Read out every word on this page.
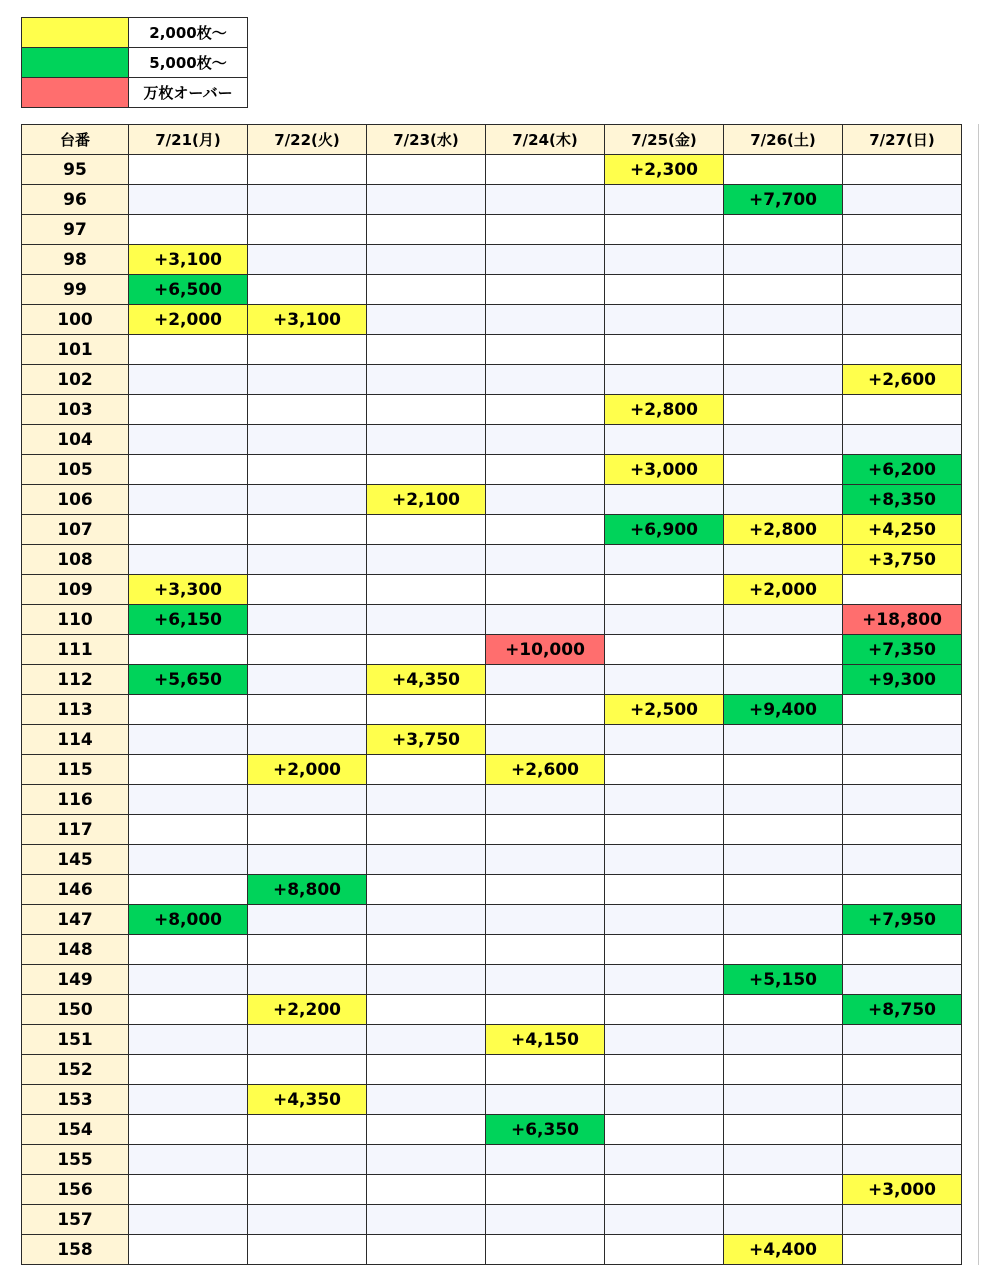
	2,000枚〜
	5,000枚〜
	万枚オーバー
台番	7/21(月)	7/22(火)	7/23(水)	7/24(木)	7/25(金)	7/26(土)	7/27(日)
95					+2,300		
96						+7,700	
97							
98	+3,100						
99	+6,500						
100	+2,000	+3,100					
101							
102							+2,600
103					+2,800		
104							
105					+3,000		+6,200
106			+2,100				+8,350
107					+6,900	+2,800	+4,250
108							+3,750
109	+3,300					+2,000	
110	+6,150						+18,800
111				+10,000			+7,350
112	+5,650		+4,350				+9,300
113					+2,500	+9,400	
114			+3,750				
115		+2,000		+2,600			
116							
117							
145							
146		+8,800					
147	+8,000						+7,950
148							
149						+5,150	
150		+2,200					+8,750
151				+4,150			
152							
153		+4,350					
154				+6,350			
155							
156							+3,000
157							
158						+4,400	
